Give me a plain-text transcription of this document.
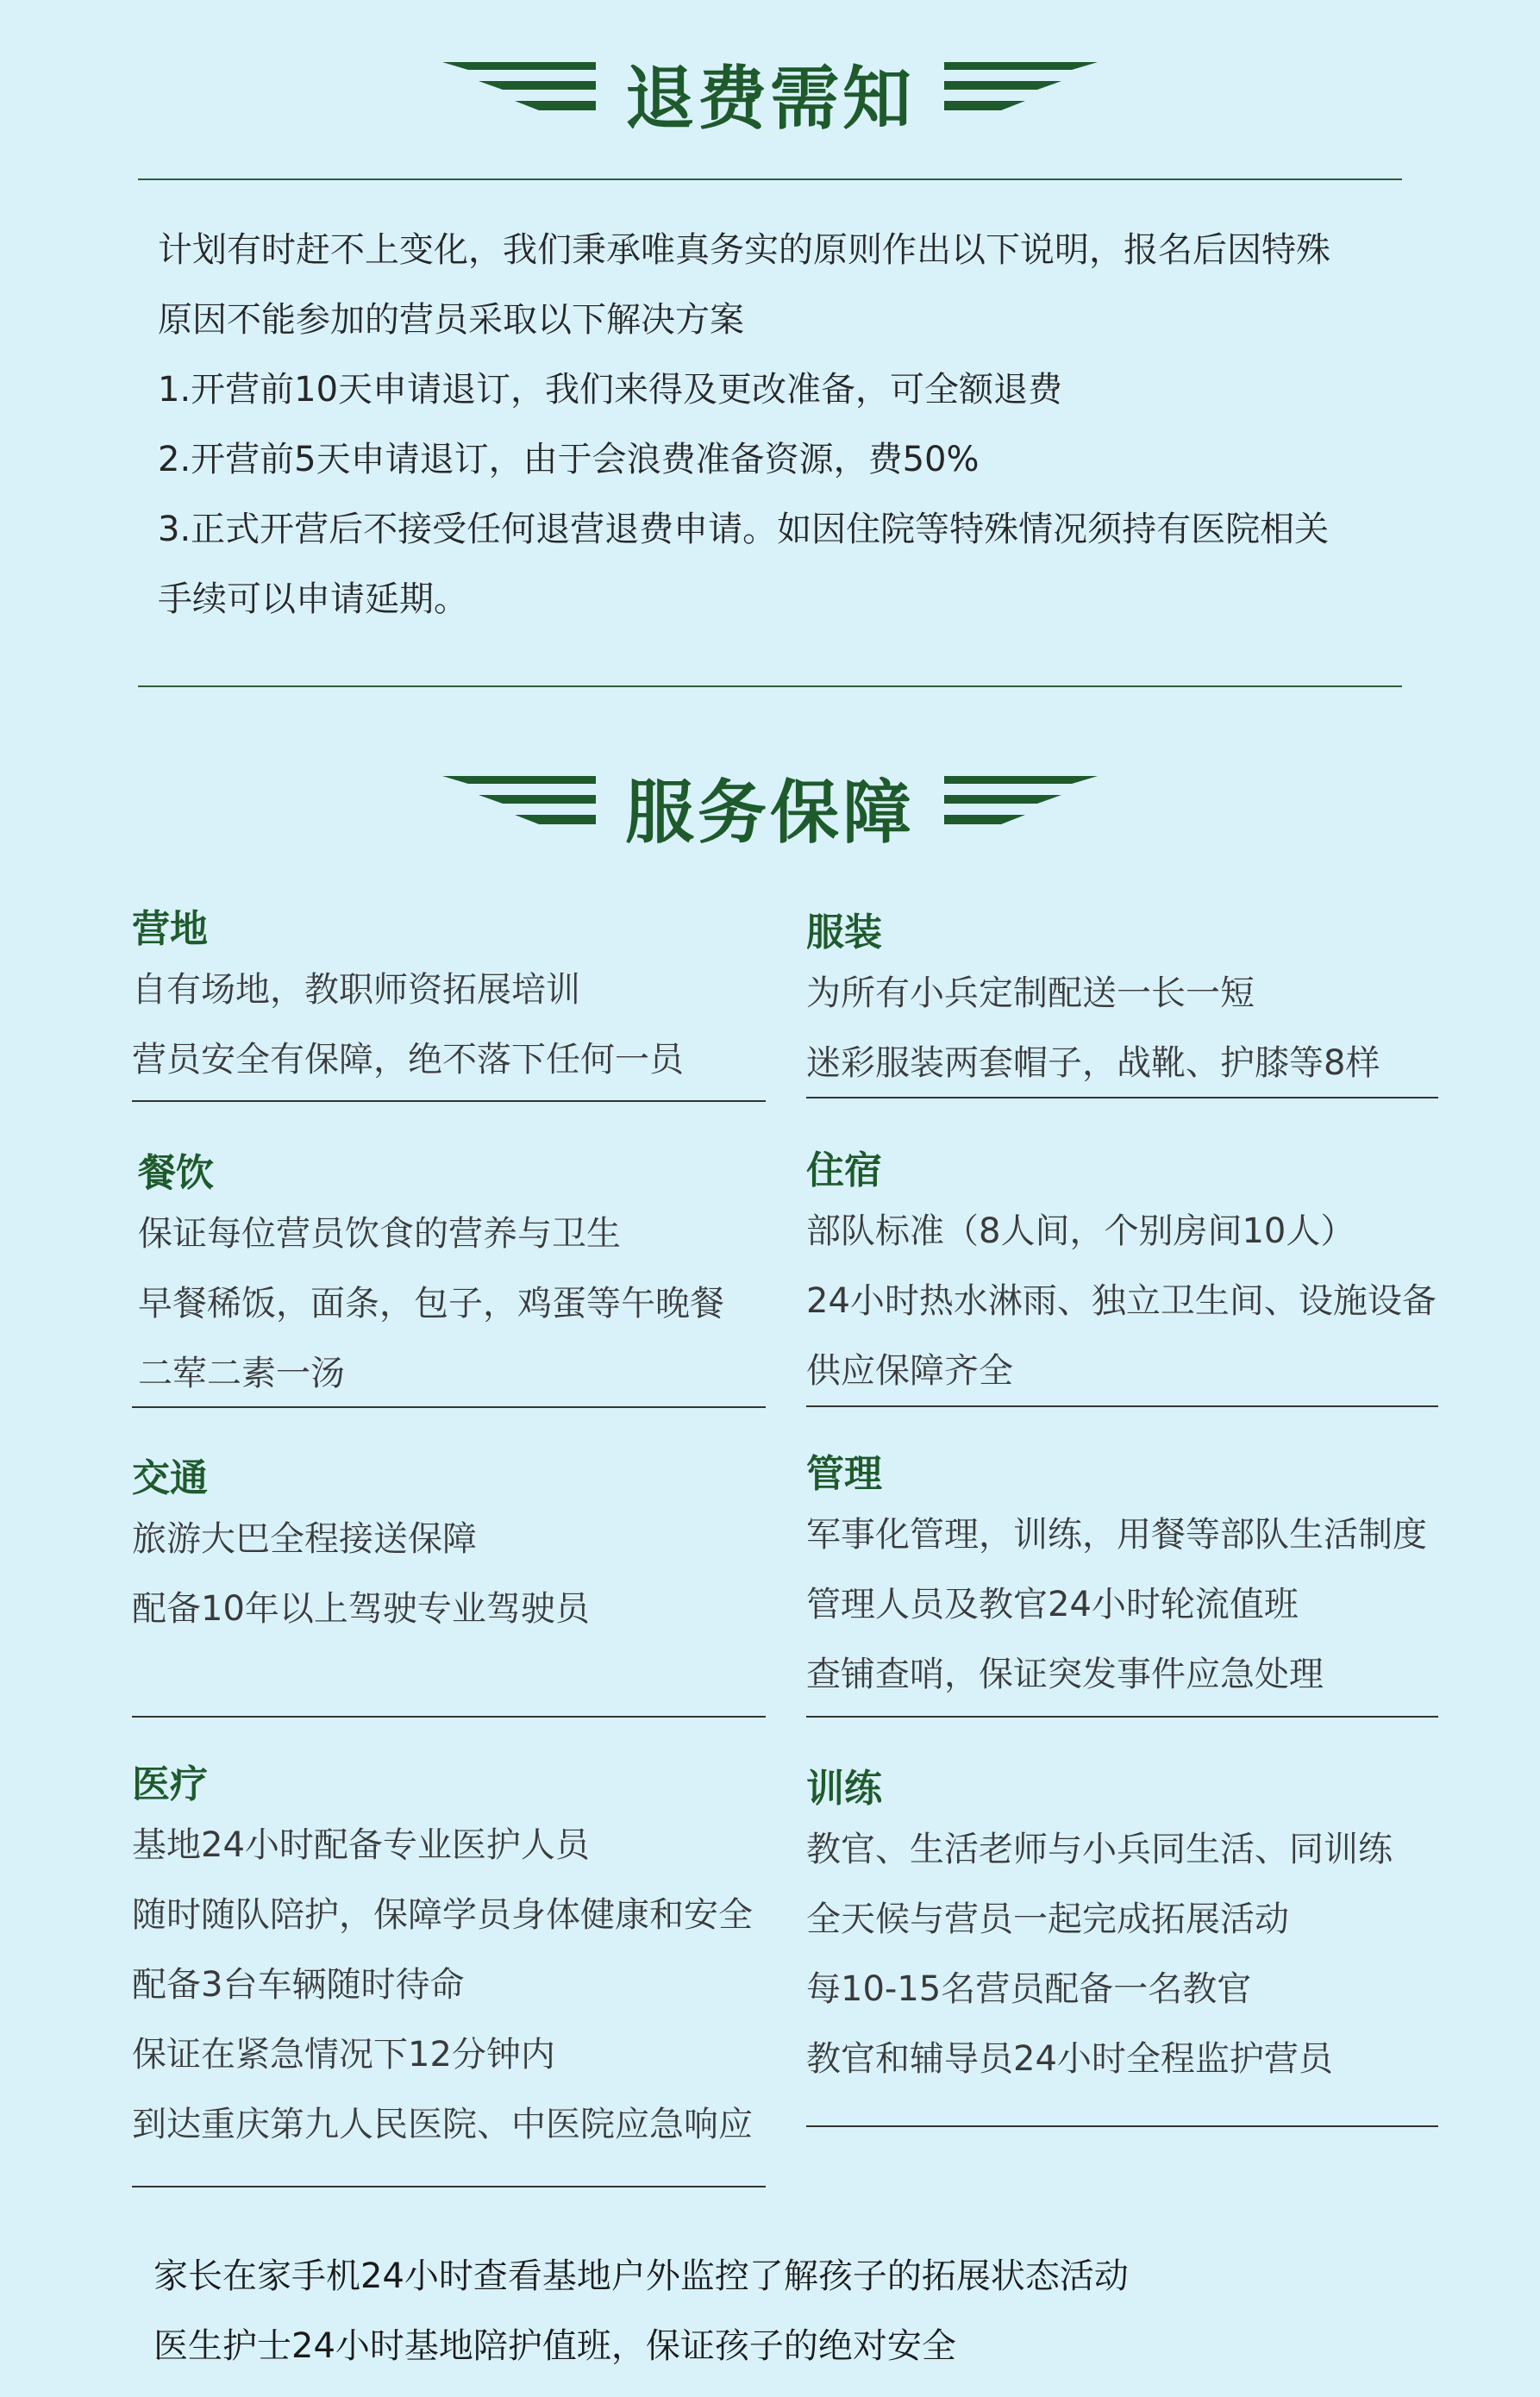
退费需知

计划有时赶不上变化，我们秉承唯真务实的原则作出以下说明，报名后因特殊

原因不能参加的营员采取以下解决方案

1.开营前10天申请退订，我们来得及更改准备，可全额退费

2.开营前5天申请退订，由于会浪费准备资源，费50%

3.正式开营后不接受任何退营退费申请。如因住院等特殊情况须持有医院相关

手续可以申请延期。

服务保障
营地
自有场地，教职师资拓展培训
营员安全有保障，绝不落下任何一员
服装
为所有小兵定制配送一长一短
迷彩服装两套帽子，战靴、护膝等8样
餐饮
保证每位营员饮食的营养与卫生
早餐稀饭，面条，包子，鸡蛋等午晚餐
二荤二素一汤
住宿
部队标准（8人间，个别房间10人）
24小时热水淋雨、独立卫生间、设施设备
供应保障齐全
交通
旅游大巴全程接送保障
配备10年以上驾驶专业驾驶员
管理
军事化管理，训练，用餐等部队生活制度
管理人员及教官24小时轮流值班
查铺查哨，保证突发事件应急处理
医疗
基地24小时配备专业医护人员
随时随队陪护，保障学员身体健康和安全
配备3台车辆随时待命
保证在紧急情况下12分钟内
到达重庆第九人民医院、中医院应急响应
训练
教官、生活老师与小兵同生活、同训练
全天候与营员一起完成拓展活动
每10-15名营员配备一名教官
教官和辅导员24小时全程监护营员

家长在家手机24小时查看基地户外监控了解孩子的拓展状态活动

医生护士24小时基地陪护值班，保证孩子的绝对安全
